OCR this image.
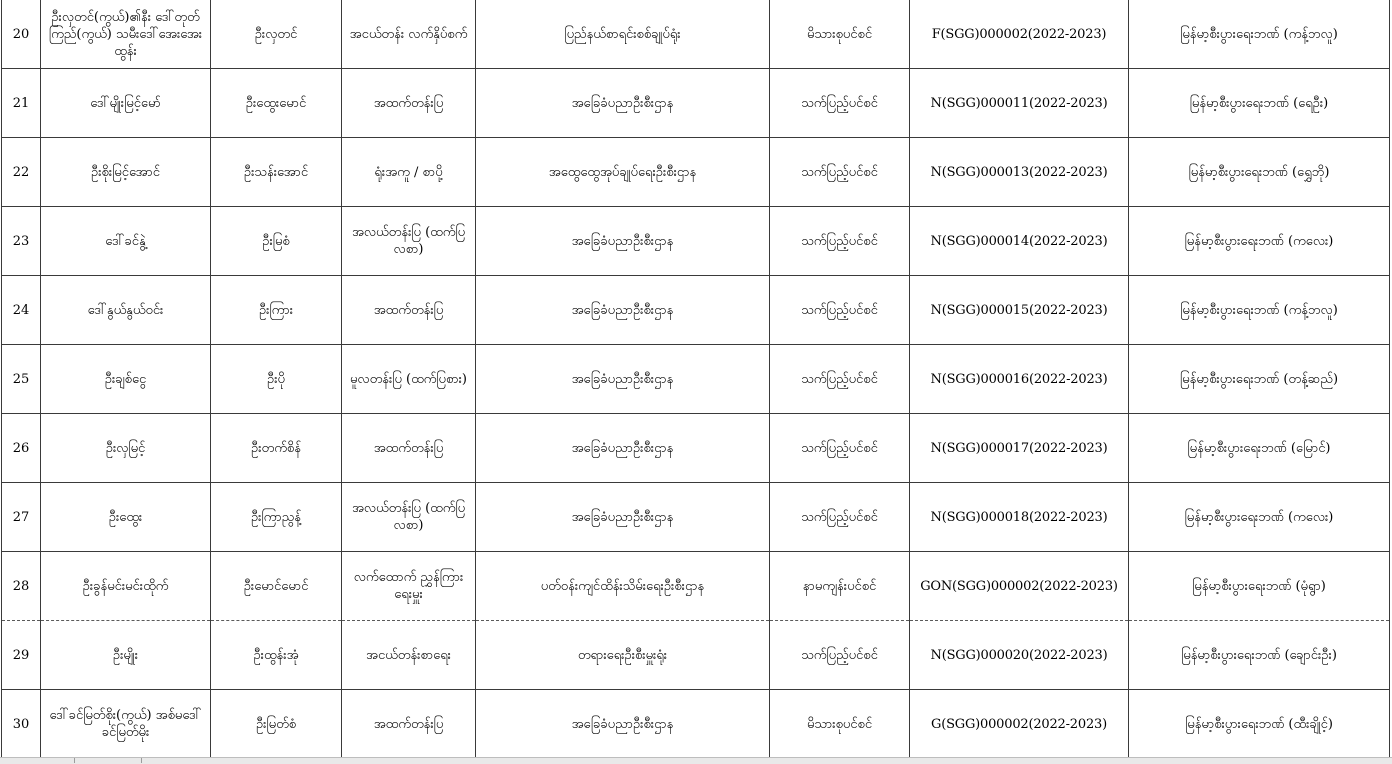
20	ဦးလှတင်(ကွယ်)၏နီး ဒေါ်တုတ်ကြည်(ကွယ်) သမီးဒေါ်အေးအေးထွန်း	ဦးလှတင်	အငယ်တန်း လက်နှိပ်စက်	ပြည်နယ်စာရင်းစစ်ချုပ်ရုံး	မိသားစုပင်စင်	F(SGG)000002(2022-2023)	မြန်မာ့စီးပွားရေးဘဏ် (ကန့်ဘလူ)
21	ဒေါ်မျိုးမြင့်မော်	ဦးထွေးမောင်	အထက်တန်းပြ	အခြေခံပညာဦးစီးဌာန	သက်ပြည့်ပင်စင်	N(SGG)000011(2022-2023)	မြန်မာ့စီးပွားရေးဘဏ် (ရေဦး)
22	ဦးစိုးမြင့်အောင်	ဦးသန်းအောင်	ရုံးအကူ / စာပို့	အထွေထွေအုပ်ချုပ်ရေးဦးစီးဌာန	သက်ပြည့်ပင်စင်	N(SGG)000013(2022-2023)	မြန်မာ့စီးပွားရေးဘဏ် (ရွှေဘို)
23	ဒေါ်ခင်နွဲ့	ဦးမြစံ	အလယ်တန်းပြ (ထက်ပြလစာ)	အခြေခံပညာဦးစီးဌာန	သက်ပြည့်ပင်စင်	N(SGG)000014(2022-2023)	မြန်မာ့စီးပွားရေးဘဏ် (ကလေး)
24	ဒေါ်နွယ်နွယ်ဝင်း	ဦးကြား	အထက်တန်းပြ	အခြေခံပညာဦးစီးဌာန	သက်ပြည့်ပင်စင်	N(SGG)000015(2022-2023)	မြန်မာ့စီးပွားရေးဘဏ် (ကန့်ဘလူ)
25	ဦးချစ်ငွေ	ဦးပို	မူလတန်းပြ (ထက်ပြစား)	အခြေခံပညာဦးစီးဌာန	သက်ပြည့်ပင်စင်	N(SGG)000016(2022-2023)	မြန်မာ့စီးပွားရေးဘဏ် (တန့်ဆည်)
26	ဦးလှမြင့်	ဦးတက်စိန်	အထက်တန်းပြ	အခြေခံပညာဦးစီးဌာန	သက်ပြည့်ပင်စင်	N(SGG)000017(2022-2023)	မြန်မာ့စီးပွားရေးဘဏ် (မြောင်)
27	ဦးထွေး	ဦးကြာညွန့်	အလယ်တန်းပြ (ထက်ပြလစာ)	အခြေခံပညာဦးစီးဌာန	သက်ပြည့်ပင်စင်	N(SGG)000018(2022-2023)	မြန်မာ့စီးပွားရေးဘဏ် (ကလေး)
28	ဦးခွန်မင်းမင်းထိုက်	ဦးမောင်မောင်	လက်ထောက် ညွှန်ကြားရေးမှူး	ပတ်ဝန်းကျင်ထိန်းသိမ်းရေးဦးစီးဌာန	နာမကျန်းပင်စင်	GON(SGG)000002(2022-2023)	မြန်မာ့စီးပွားရေးဘဏ် (မုံရွာ)
29	ဦးမျိုး	ဦးထွန်းအုံ	အငယ်တန်းစာရေး	တရားရေးဦးစီးမှူးရုံး	သက်ပြည့်ပင်စင်	N(SGG)000020(2022-2023)	မြန်မာ့စီးပွားရေးဘဏ် (ချောင်းဦး)
30	ဒေါ်ခင်မြတ်စိုး(ကွယ်) အစ်မဒေါ်ခင်မြတ်မိုး	ဦးမြတ်စံ	အထက်တန်းပြ	အခြေခံပညာဦးစီးဌာန	မိသားစုပင်စင်	G(SGG)000002(2022-2023)	မြန်မာ့စီးပွားရေးဘဏ် (ထီးချိုင့်)
